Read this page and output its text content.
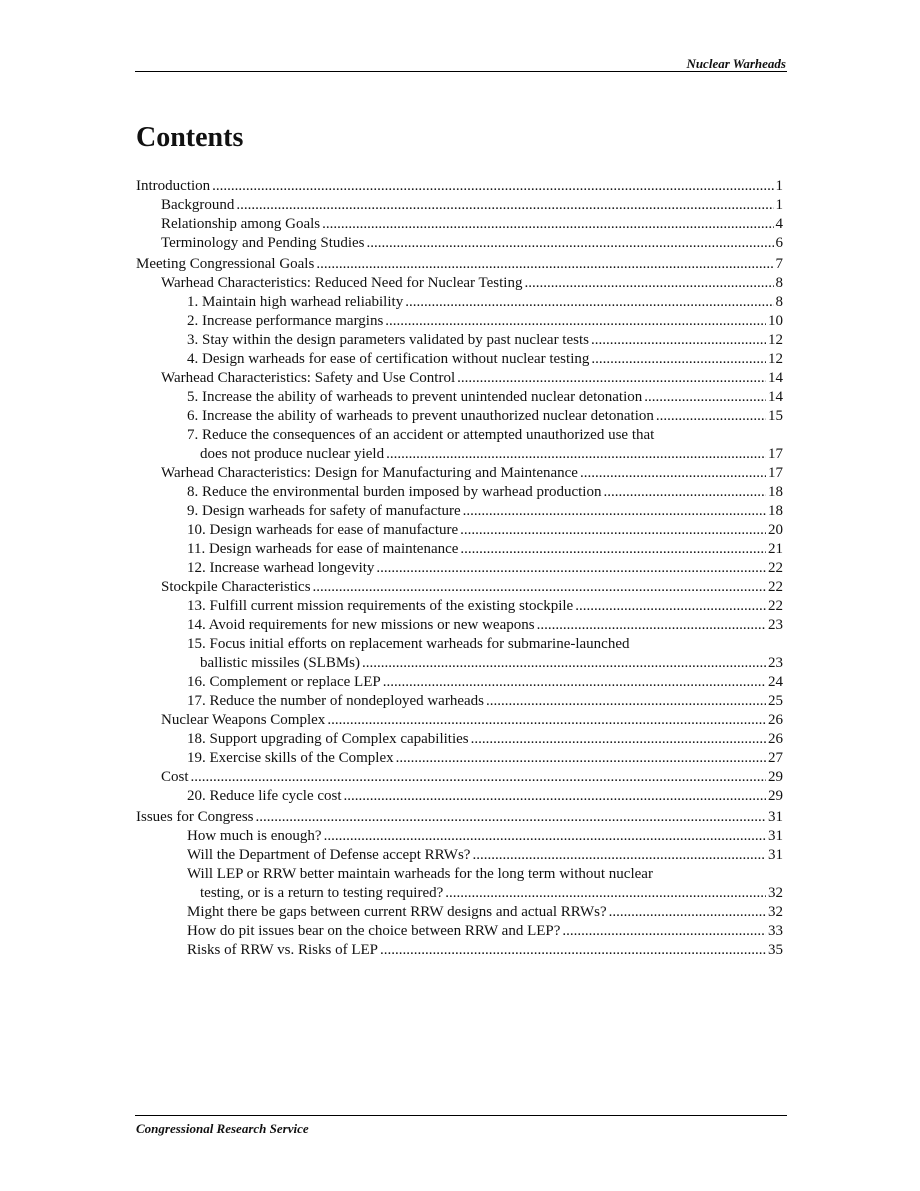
Nuclear Warheads
Contents
Introduction .....	1
Background .....	1
Relationship among Goals .....	4
Terminology and Pending Studies .....	6
Meeting Congressional Goals .....	7
Warhead Characteristics: Reduced Need for Nuclear Testing .....	8
1. Maintain high warhead reliability .....	8
2. Increase performance margins .....	10
3. Stay within the design parameters validated by past nuclear tests .....	12
4. Design warheads for ease of certification without nuclear testing .....	12
Warhead Characteristics: Safety and Use Control .....	14
5. Increase the ability of warheads to prevent unintended nuclear detonation .....	14
6. Increase the ability of warheads to prevent unauthorized nuclear detonation .....	15
7. Reduce the consequences of an accident or attempted unauthorized use that
does not produce nuclear yield .....	17
Warhead Characteristics: Design for Manufacturing and Maintenance .....	17
8. Reduce the environmental burden imposed by warhead production .....	18
9. Design warheads for safety of manufacture .....	18
10. Design warheads for ease of manufacture .....	20
11. Design warheads for ease of maintenance .....	21
12. Increase warhead longevity .....	22
Stockpile Characteristics .....	22
13. Fulfill current mission requirements of the existing stockpile .....	22
14. Avoid requirements for new missions or new weapons .....	23
15. Focus initial efforts on replacement warheads for submarine-launched
ballistic missiles (SLBMs) .....	23
16. Complement or replace LEP .....	24
17. Reduce the number of nondeployed warheads .....	25
Nuclear Weapons Complex .....	26
18. Support upgrading of Complex capabilities .....	26
19. Exercise skills of the Complex .....	27
Cost .....	29
20. Reduce life cycle cost .....	29
Issues for Congress .....	31
How much is enough? .....	31
Will the Department of Defense accept RRWs? .....	31
Will LEP or RRW better maintain warheads for the long term without nuclear
testing, or is a return to testing required? .....	32
Might there be gaps between current RRW designs and actual RRWs? .....	32
How do pit issues bear on the choice between RRW and LEP? .....	33
Risks of RRW vs. Risks of LEP .....	35
Congressional Research Service
